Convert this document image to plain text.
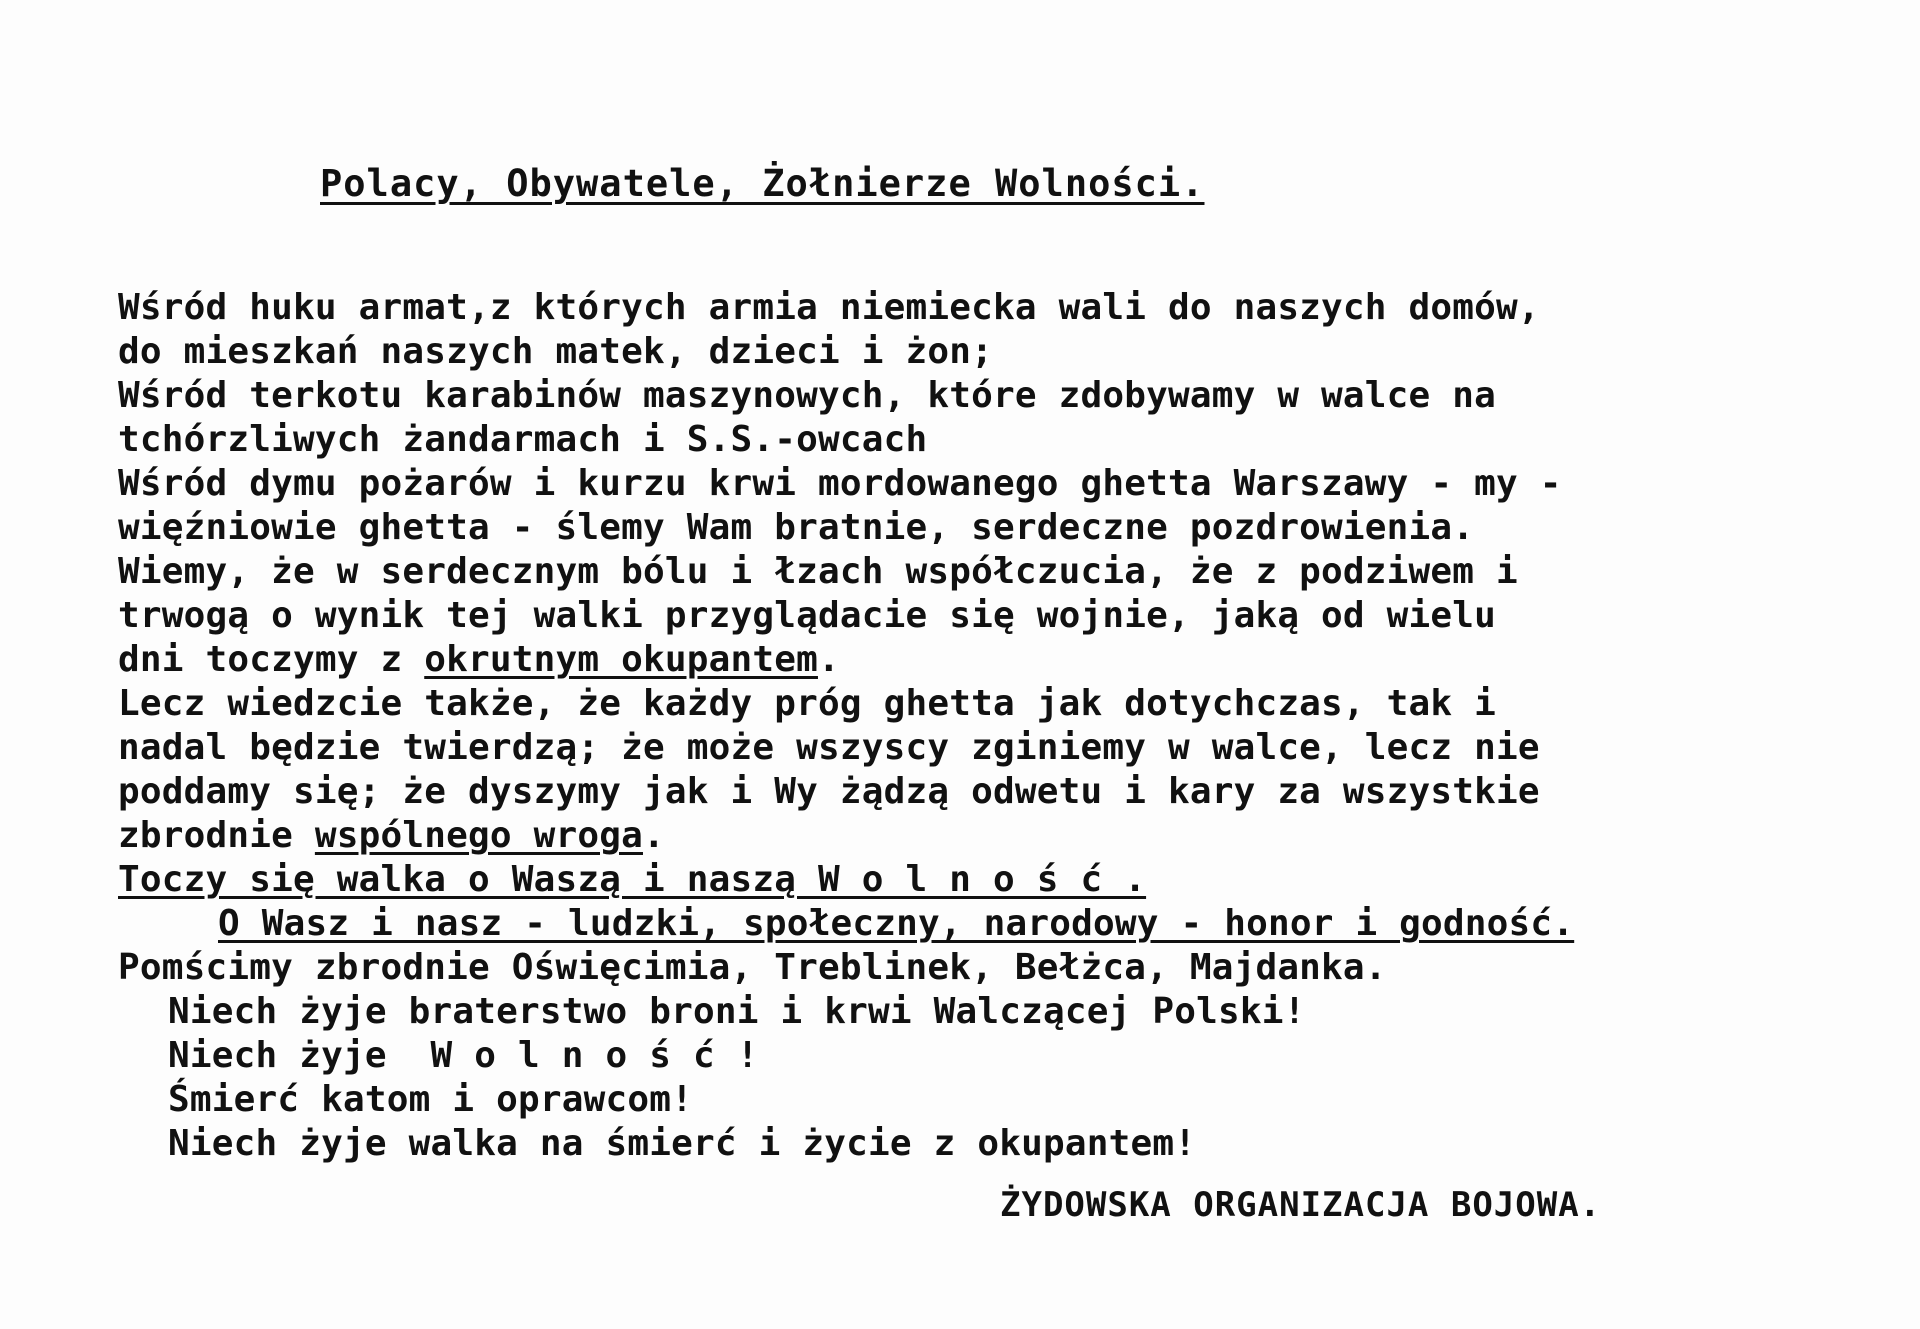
Polacy, Obywatele, Żołnierze Wolności.
Wśród huku armat,z których armia niemiecka wali do naszych domów,
do mieszkań naszych matek, dzieci i żon;
Wśród terkotu karabinów maszynowych, które zdobywamy w walce na
tchórzliwych żandarmach i S.S.-owcach
Wśród dymu pożarów i kurzu krwi mordowanego ghetta Warszawy - my -
więźniowie ghetta - ślemy Wam bratnie, serdeczne pozdrowienia.
Wiemy, że w serdecznym bólu i łzach współczucia, że z podziwem i
trwogą o wynik tej walki przyglądacie się wojnie, jaką od wielu
dni toczymy z okrutnym okupantem.
Lecz wiedzcie także, że każdy próg ghetta jak dotychczas, tak i
nadal będzie twierdzą; że może wszyscy zginiemy w walce, lecz nie
poddamy się; że dyszymy jak i Wy żądzą odwetu i kary za wszystkie
zbrodnie wspólnego wroga.
Toczy się walka o Waszą i naszą W o l n o ś ć .
O Wasz i nasz - ludzki, społeczny, narodowy - honor i godność.
Pomścimy zbrodnie Oświęcimia, Treblinek, Bełżca, Majdanka.
Niech żyje braterstwo broni i krwi Walczącej Polski!
Niech żyje  W o l n o ś ć !
Śmierć katom i oprawcom!
Niech żyje walka na śmierć i życie z okupantem!
ŻYDOWSKA ORGANIZACJA BOJOWA.
